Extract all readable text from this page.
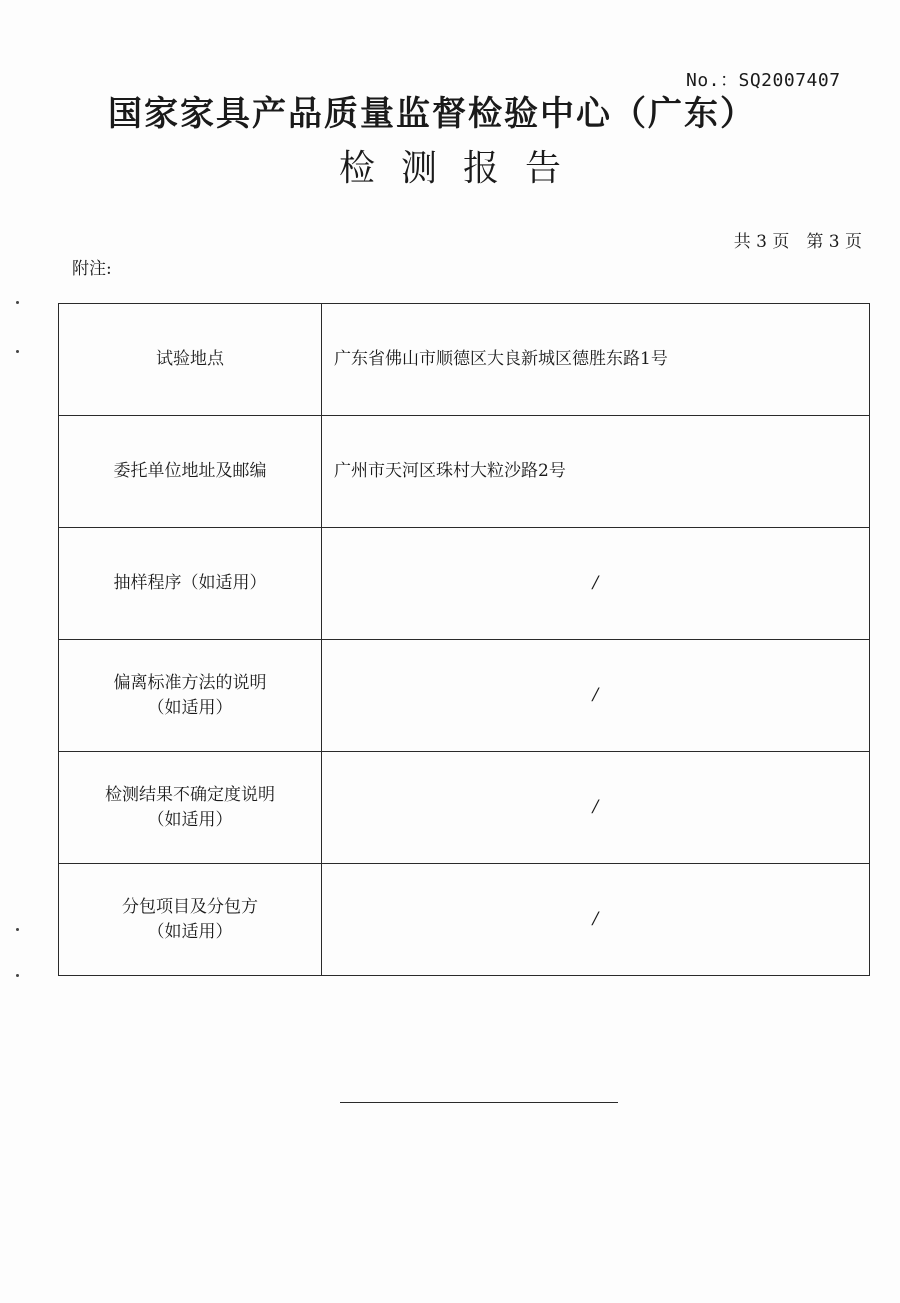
No.：SQ2007407
国家家具产品质量监督检验中心（广东）
检测报告
共 3 页　第 3 页
附注:
试验地点	广东省佛山市顺德区大良新城区德胜东路1号

委托单位地址及邮编	广州市天河区珠村大粒沙路2号

抽样程序（如适用）	/

偏离标准方法的说明
（如适用）	/

检测结果不确定度说明
（如适用）	/

分包项目及分包方
（如适用）	/
